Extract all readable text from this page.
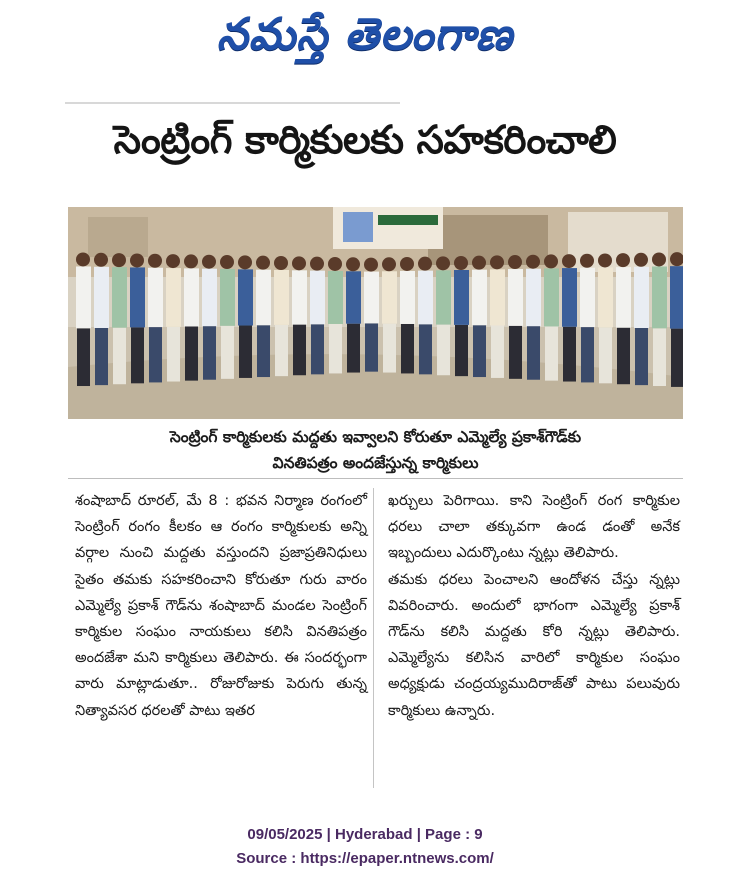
నమస్తే తెలంగాణ
సెంట్రింగ్ కార్మికులకు సహకరించాలి
సెంట్రింగ్ కార్మికులకు మద్దతు ఇవ్వాలని కోరుతూ ఎమ్మెల్యే ప్రకాశ్‌గౌడ్‌కు
వినతిపత్రం అందజేస్తున్న కార్మికులు

శంషాబాద్ రూరల్, మే 8 : భవన నిర్మాణ రంగంలో సెంట్రింగ్ రంగం కీలకం ఆ రంగం కార్మికులకు అన్ని వర్గాల నుంచి మద్దతు వస్తుందని ప్రజాప్రతినిధులు సైతం తమకు సహకరించాని కోరుతూ గురు వారం ఎమ్మెల్యే ప్రకాశ్ గౌడ్‌ను శంషాబాద్ మండల సెంట్రింగ్ కార్మికుల సంఘం నాయకులు కలిసి వినతిపత్రం అందజేశా మని కార్మికులు తెలిపారు. ఈ సందర్భంగా వారు మాట్లాడుతూ.. రోజురోజుకు పెరుగు తున్న నిత్యావసర ధరలతో పాటు ఇతర

ఖర్చులు పెరిగాయి. కాని సెంట్రింగ్ రంగ కార్మికుల ధరలు చాలా తక్కువగా ఉండ డంతో అనేక ఇబ్బందులు ఎదుర్కొంటు న్నట్లు తెలిపారు.

తమకు ధరలు పెంచాలని ఆందోళన చేస్తు న్నట్లు వివరించారు. అందులో భాగంగా ఎమ్మెల్యే ప్రకాశ్ గౌడ్‌ను కలిసి మద్దతు కోరి న్నట్లు తెలిపారు. ఎమ్మెల్యేను కలిసిన వారిలో కార్మికుల సంఘం అధ్యక్షుడు చంద్రయ్యముదిరాజ్‌తో పాటు పలువురు కార్మికులు ఉన్నారు.

09/05/2025 | Hyderabad | Page : 9
Source : https://epaper.ntnews.com/
